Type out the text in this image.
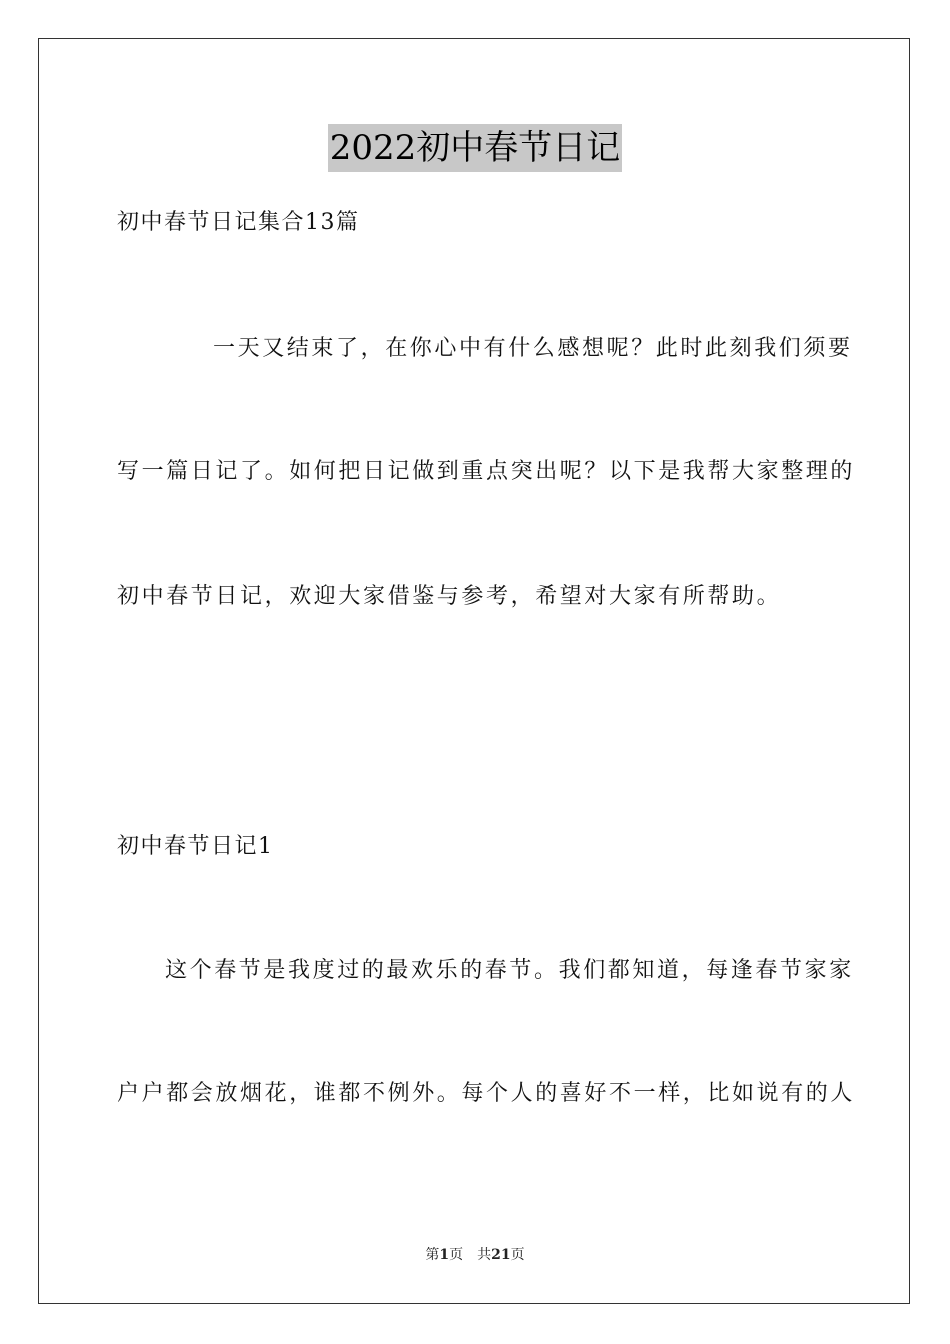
2022初中春节日记
初中春节日记集合13篇
一天又结束了，在你心中有什么感想呢？此时此刻我们须要
写一篇日记了。如何把日记做到重点突出呢？以下是我帮大家整理的
初中春节日记，欢迎大家借鉴与参考，希望对大家有所帮助。
初中春节日记1
这个春节是我度过的最欢乐的春节。我们都知道，每逢春节家家
户户都会放烟花，谁都不例外。每个人的喜好不一样，比如说有的人
第1页 共21页
